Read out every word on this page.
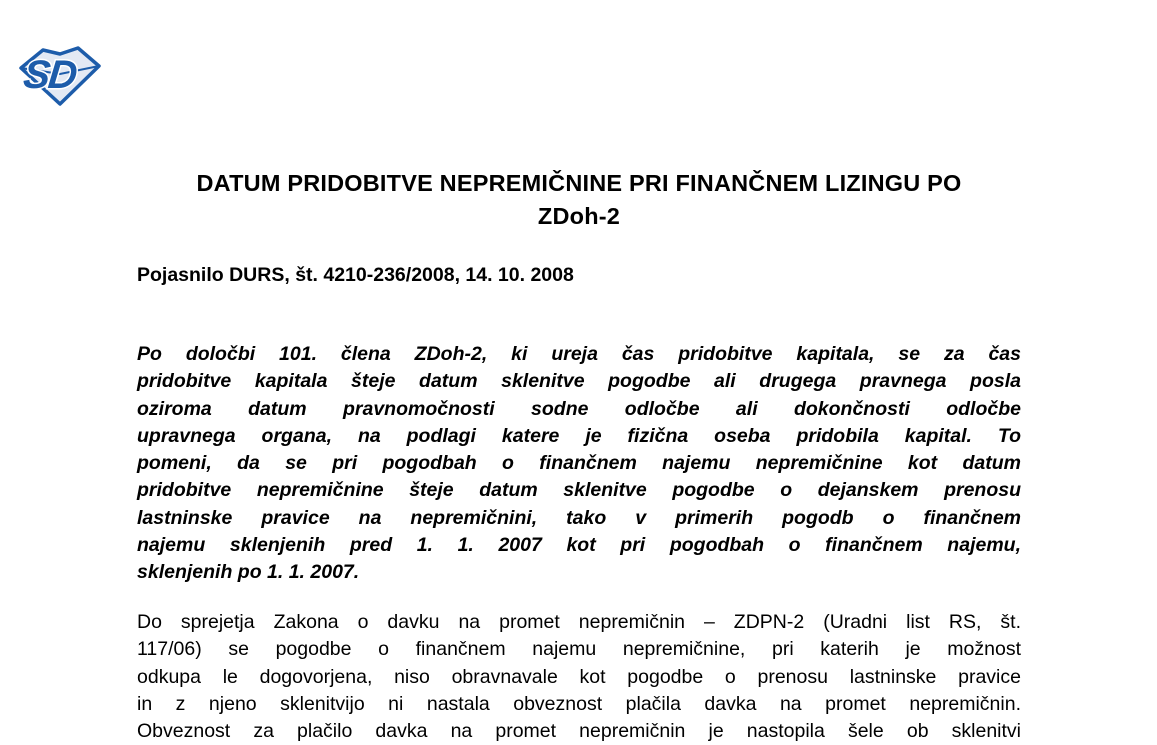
SD
DATUM PRIDOBITVE NEPREMIČNINE PRI FINANČNEM LIZINGU PO
ZDoh-2
Pojasnilo DURS, št. 4210-236/2008, 14. 10. 2008
Po določbi 101. člena ZDoh-2, ki ureja čas pridobitve kapitala, se za čas
pridobitve kapitala šteje datum sklenitve pogodbe ali drugega pravnega posla
oziroma datum pravnomočnosti sodne odločbe ali dokončnosti odločbe
upravnega organa, na podlagi katere je fizična oseba pridobila kapital. To
pomeni, da se pri pogodbah o finančnem najemu nepremičnine kot datum
pridobitve nepremičnine šteje datum sklenitve pogodbe o dejanskem prenosu
lastninske pravice na nepremičnini, tako v primerih pogodb o finančnem
najemu sklenjenih pred 1. 1. 2007 kot pri pogodbah o finančnem najemu,
sklenjenih po 1. 1. 2007.
Do sprejetja Zakona o davku na promet nepremičnin – ZDPN-2 (Uradni list RS, št.
117/06) se pogodbe o finančnem najemu nepremičnine, pri katerih je možnost
odkupa le dogovorjena, niso obravnavale kot pogodbe o prenosu lastninske pravice
in z njeno sklenitvijo ni nastala obveznost plačila davka na promet nepremičnin.
Obveznost za plačilo davka na promet nepremičnin je nastopila šele ob sklenitvi
